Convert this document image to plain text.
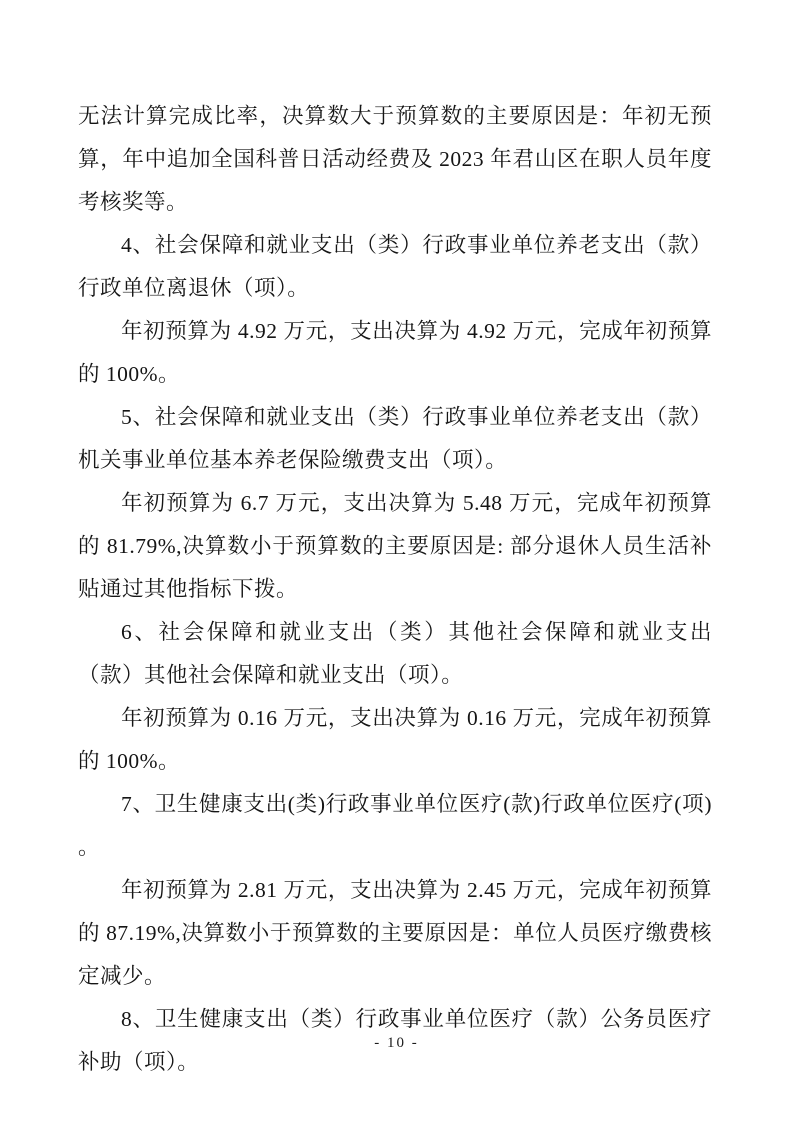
无法计算完成比率，决算数大于预算数的主要原因是：年初无预算，年中追加全国科普日活动经费及 2023 年君山区在职人员年度考核奖等。

4、社会保障和就业支出（类）行政事业单位养老支出（款）行政单位离退休（项）。

年初预算为 4.92 万元，支出决算为 4.92 万元，完成年初预算的 100%。

5、社会保障和就业支出（类）行政事业单位养老支出（款）机关事业单位基本养老保险缴费支出（项）。

年初预算为 6.7 万元，支出决算为 5.48 万元，完成年初预算的 81.79%,决算数小于预算数的主要原因是: 部分退休人员生活补贴通过其他指标下拨。

6、社会保障和就业支出（类）其他社会保障和就业支出（款）其他社会保障和就业支出（项）。

年初预算为 0.16 万元，支出决算为 0.16 万元，完成年初预算的 100%。

7、卫生健康支出(类)行政事业单位医疗(款)行政单位医疗(项) 。

年初预算为 2.81 万元，支出决算为 2.45 万元，完成年初预算的 87.19%,决算数小于预算数的主要原因是：单位人员医疗缴费核定减少。

8、卫生健康支出（类）行政事业单位医疗（款）公务员医疗补助（项）。

- 10 -
